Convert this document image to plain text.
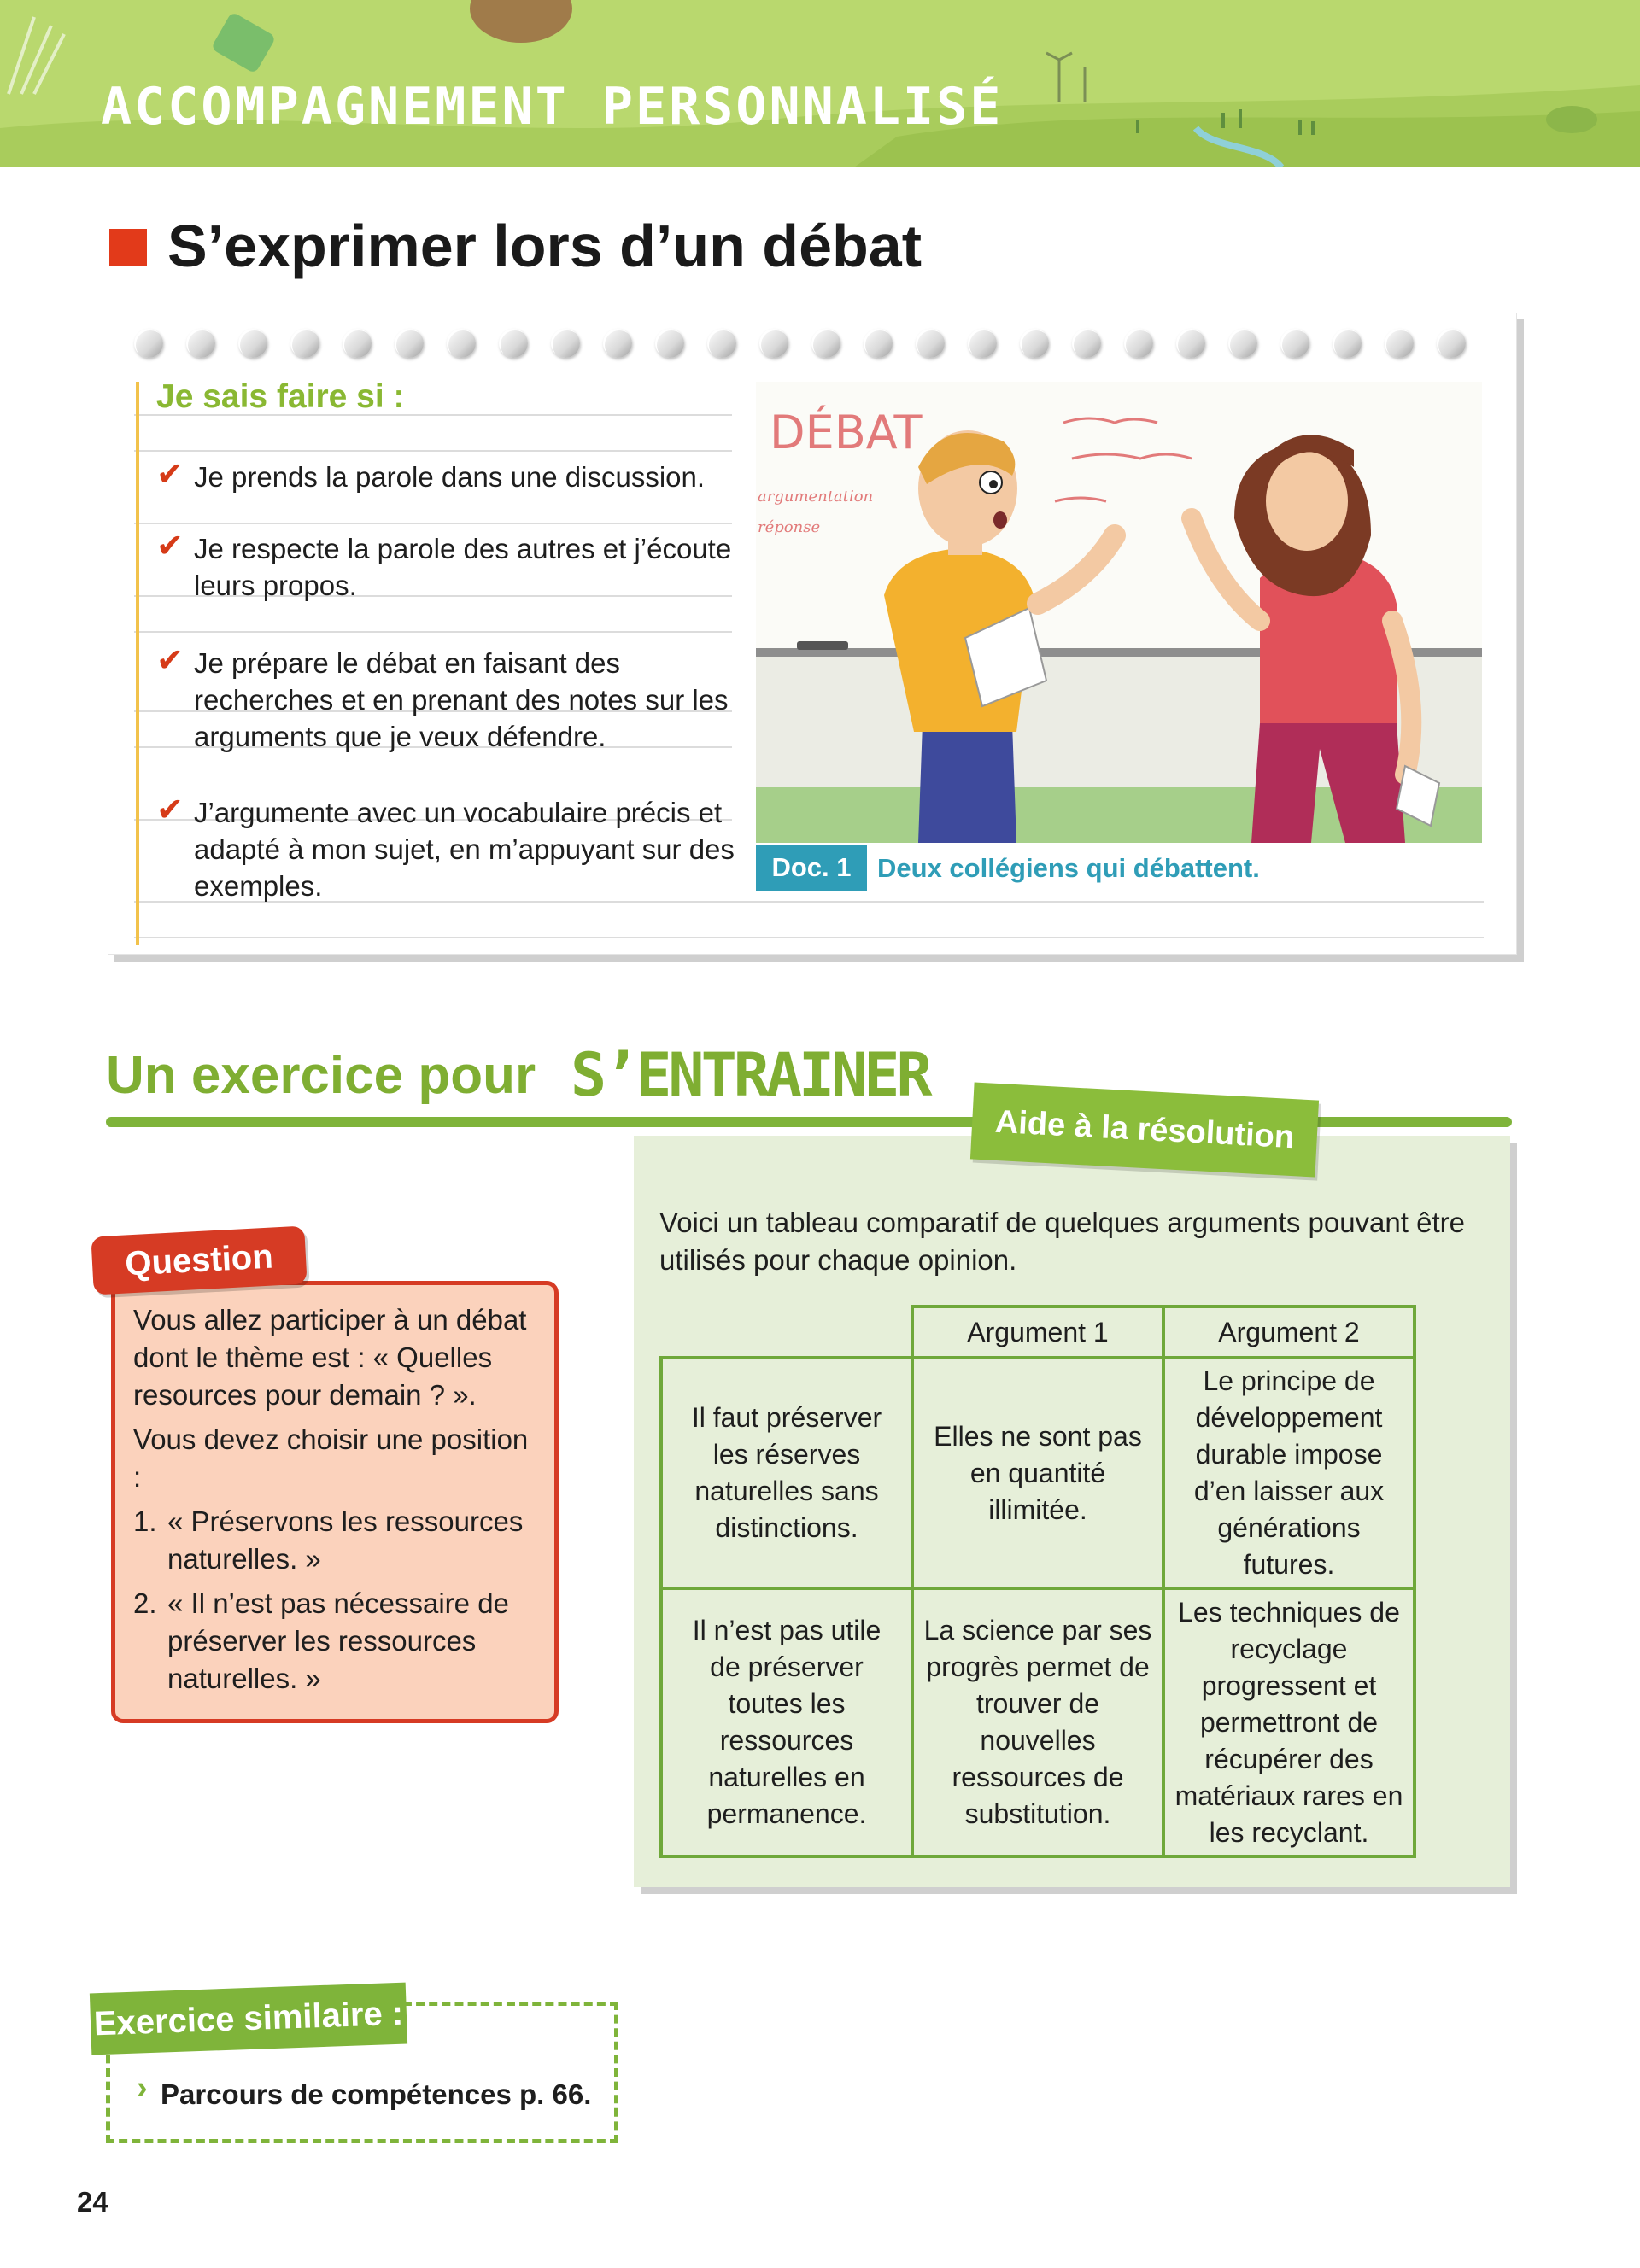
ACCOMPAGNEMENT PERSONNALISÉ
S’exprimer lors d’un débat
Je sais faire si :
✔ Je prends la parole dans une discussion.
✔ Je respecte la parole des autres et j’écoute leurs propos.
✔ Je prépare le débat en faisant des recherches et en prenant des notes sur les arguments que je veux défendre.
✔ J’argumente avec un vocabulaire précis et adapté à mon sujet, en m’appuyant sur des exemples.
DÉBAT
argumentation
réponse
Doc. 1 Deux collégiens qui débattent.
Un exercice pour S’ENTRAINER
Aide à la résolution
Voici un tableau comparatif de quelques arguments pouvant être utilisés pour chaque opinion.
	Argument 1	Argument 2

Il faut préserver les réserves naturelles sans distinctions.	Elles ne sont pas en quantité illimitée.	Le principe de développement durable impose d’en laisser aux générations futures.

Il n’est pas utile de préserver toutes les ressources naturelles en permanence.	La science par ses progrès permet de trouver de nouvelles ressources de substitution.	Les techniques de recyclage progressent et permettront de récupérer des matériaux rares en les recyclant.
Question

Vous allez participer à un débat dont le thème est : « Quelles resources pour demain ? ».

Vous devez choisir une position :

1. « Préservons les ressources naturelles. »
2. « Il n’est pas nécessaire de préserver les ressources naturelles. »
Exercice similaire :
› Parcours de compétences p. 66.
24
